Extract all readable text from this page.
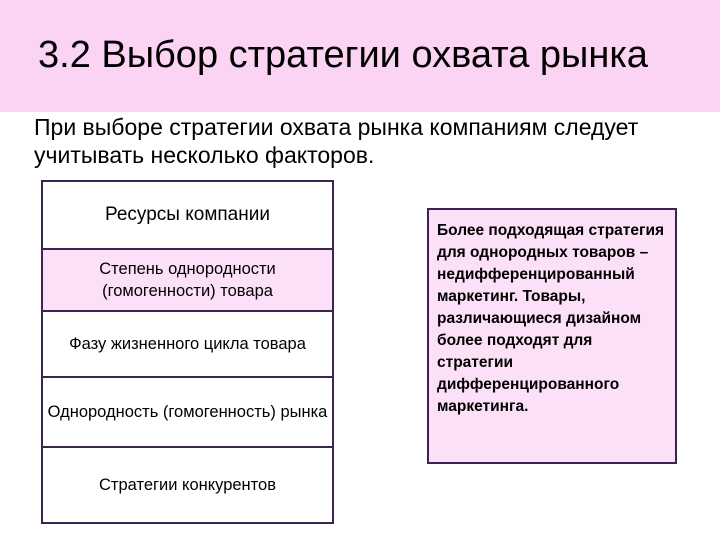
3.2 Выбор стратегии охвата рынка

При выборе стратегии охвата рынка компаниям следует учитывать несколько факторов.

Ресурсы компании
Степень однородности (гомогенности) товара
Фазу жизненного цикла товара
Однородность (гомогенность) рынка
Стратегии конкурентов

Более подходящая стратегия для однородных товаров – недифференцированный маркетинг. Товары, различающиеся дизайном более подходят для стратегии дифференцированного маркетинга.
